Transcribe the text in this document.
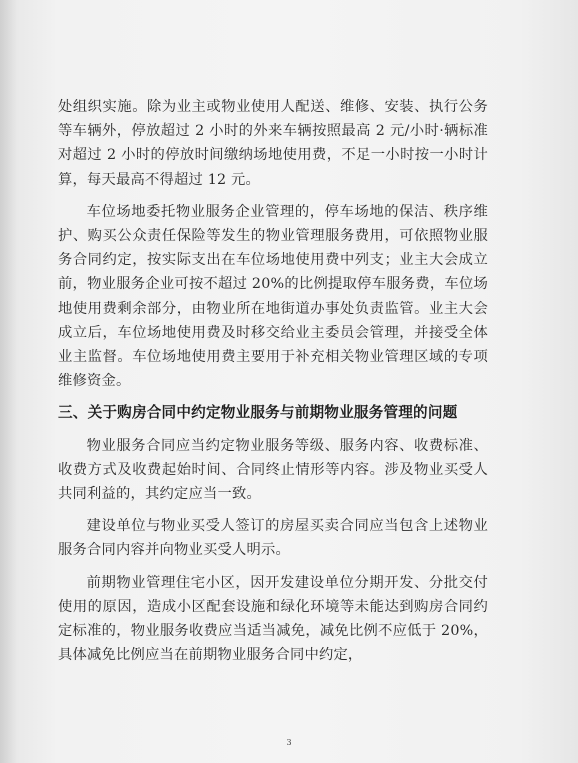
处组织实施。除为业主或物业使用人配送、维修、安装、执行公务等车辆外，停放超过 2 小时的外来车辆按照最高 2 元/小时·辆标准对超过 2 小时的停放时间缴纳场地使用费，不足一小时按一小时计算，每天最高不得超过 12 元。

车位场地委托物业服务企业管理的，停车场地的保洁、秩序维护、购买公众责任保险等发生的物业管理服务费用，可依照物业服务合同约定，按实际支出在车位场地使用费中列支；业主大会成立前，物业服务企业可按不超过 20%的比例提取停车服务费，车位场地使用费剩余部分，由物业所在地街道办事处负责监管。业主大会成立后，车位场地使用费及时移交给业主委员会管理，并接受全体业主监督。车位场地使用费主要用于补充相关物业管理区域的专项维修资金。

三、关于购房合同中约定物业服务与前期物业服务管理的问题

物业服务合同应当约定物业服务等级、服务内容、收费标准、收费方式及收费起始时间、合同终止情形等内容。涉及物业买受人共同利益的，其约定应当一致。

建设单位与物业买受人签订的房屋买卖合同应当包含上述物业服务合同内容并向物业买受人明示。

前期物业管理住宅小区，因开发建设单位分期开发、分批交付使用的原因，造成小区配套设施和绿化环境等未能达到购房合同约定标准的，物业服务收费应当适当减免，减免比例不应低于 20%，具体减免比例应当在前期物业服务合同中约定，

3
